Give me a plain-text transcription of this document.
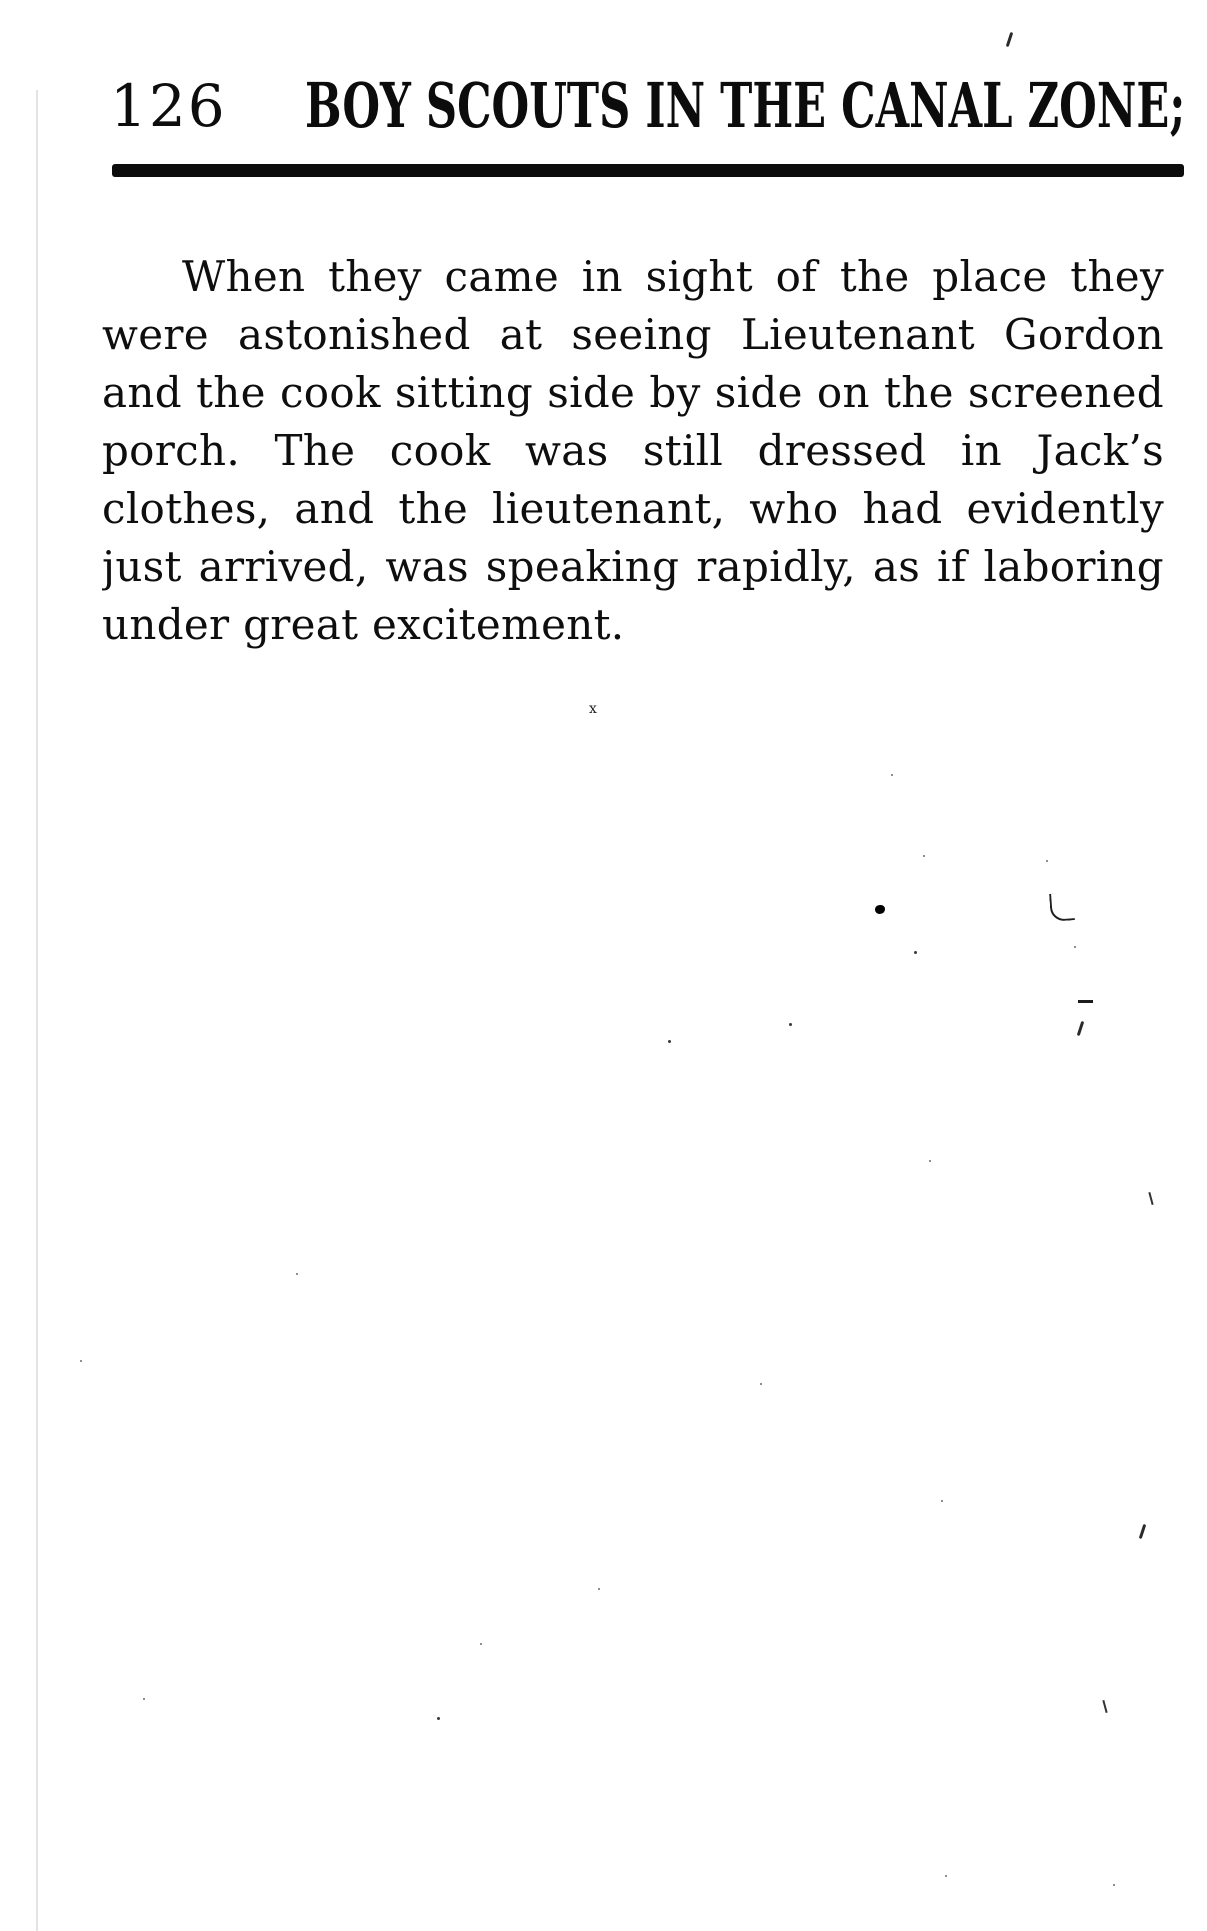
126 BOY SCOUTS IN THE CANAL ZONE;
When they came in sight of the place they
were astonished at seeing Lieutenant Gordon
and the cook sitting side by side on the screened
porch. The cook was still dressed in Jack’s
clothes, and the lieutenant, who had evidently
just arrived, was speaking rapidly, as if laboring
under great excitement.
x
